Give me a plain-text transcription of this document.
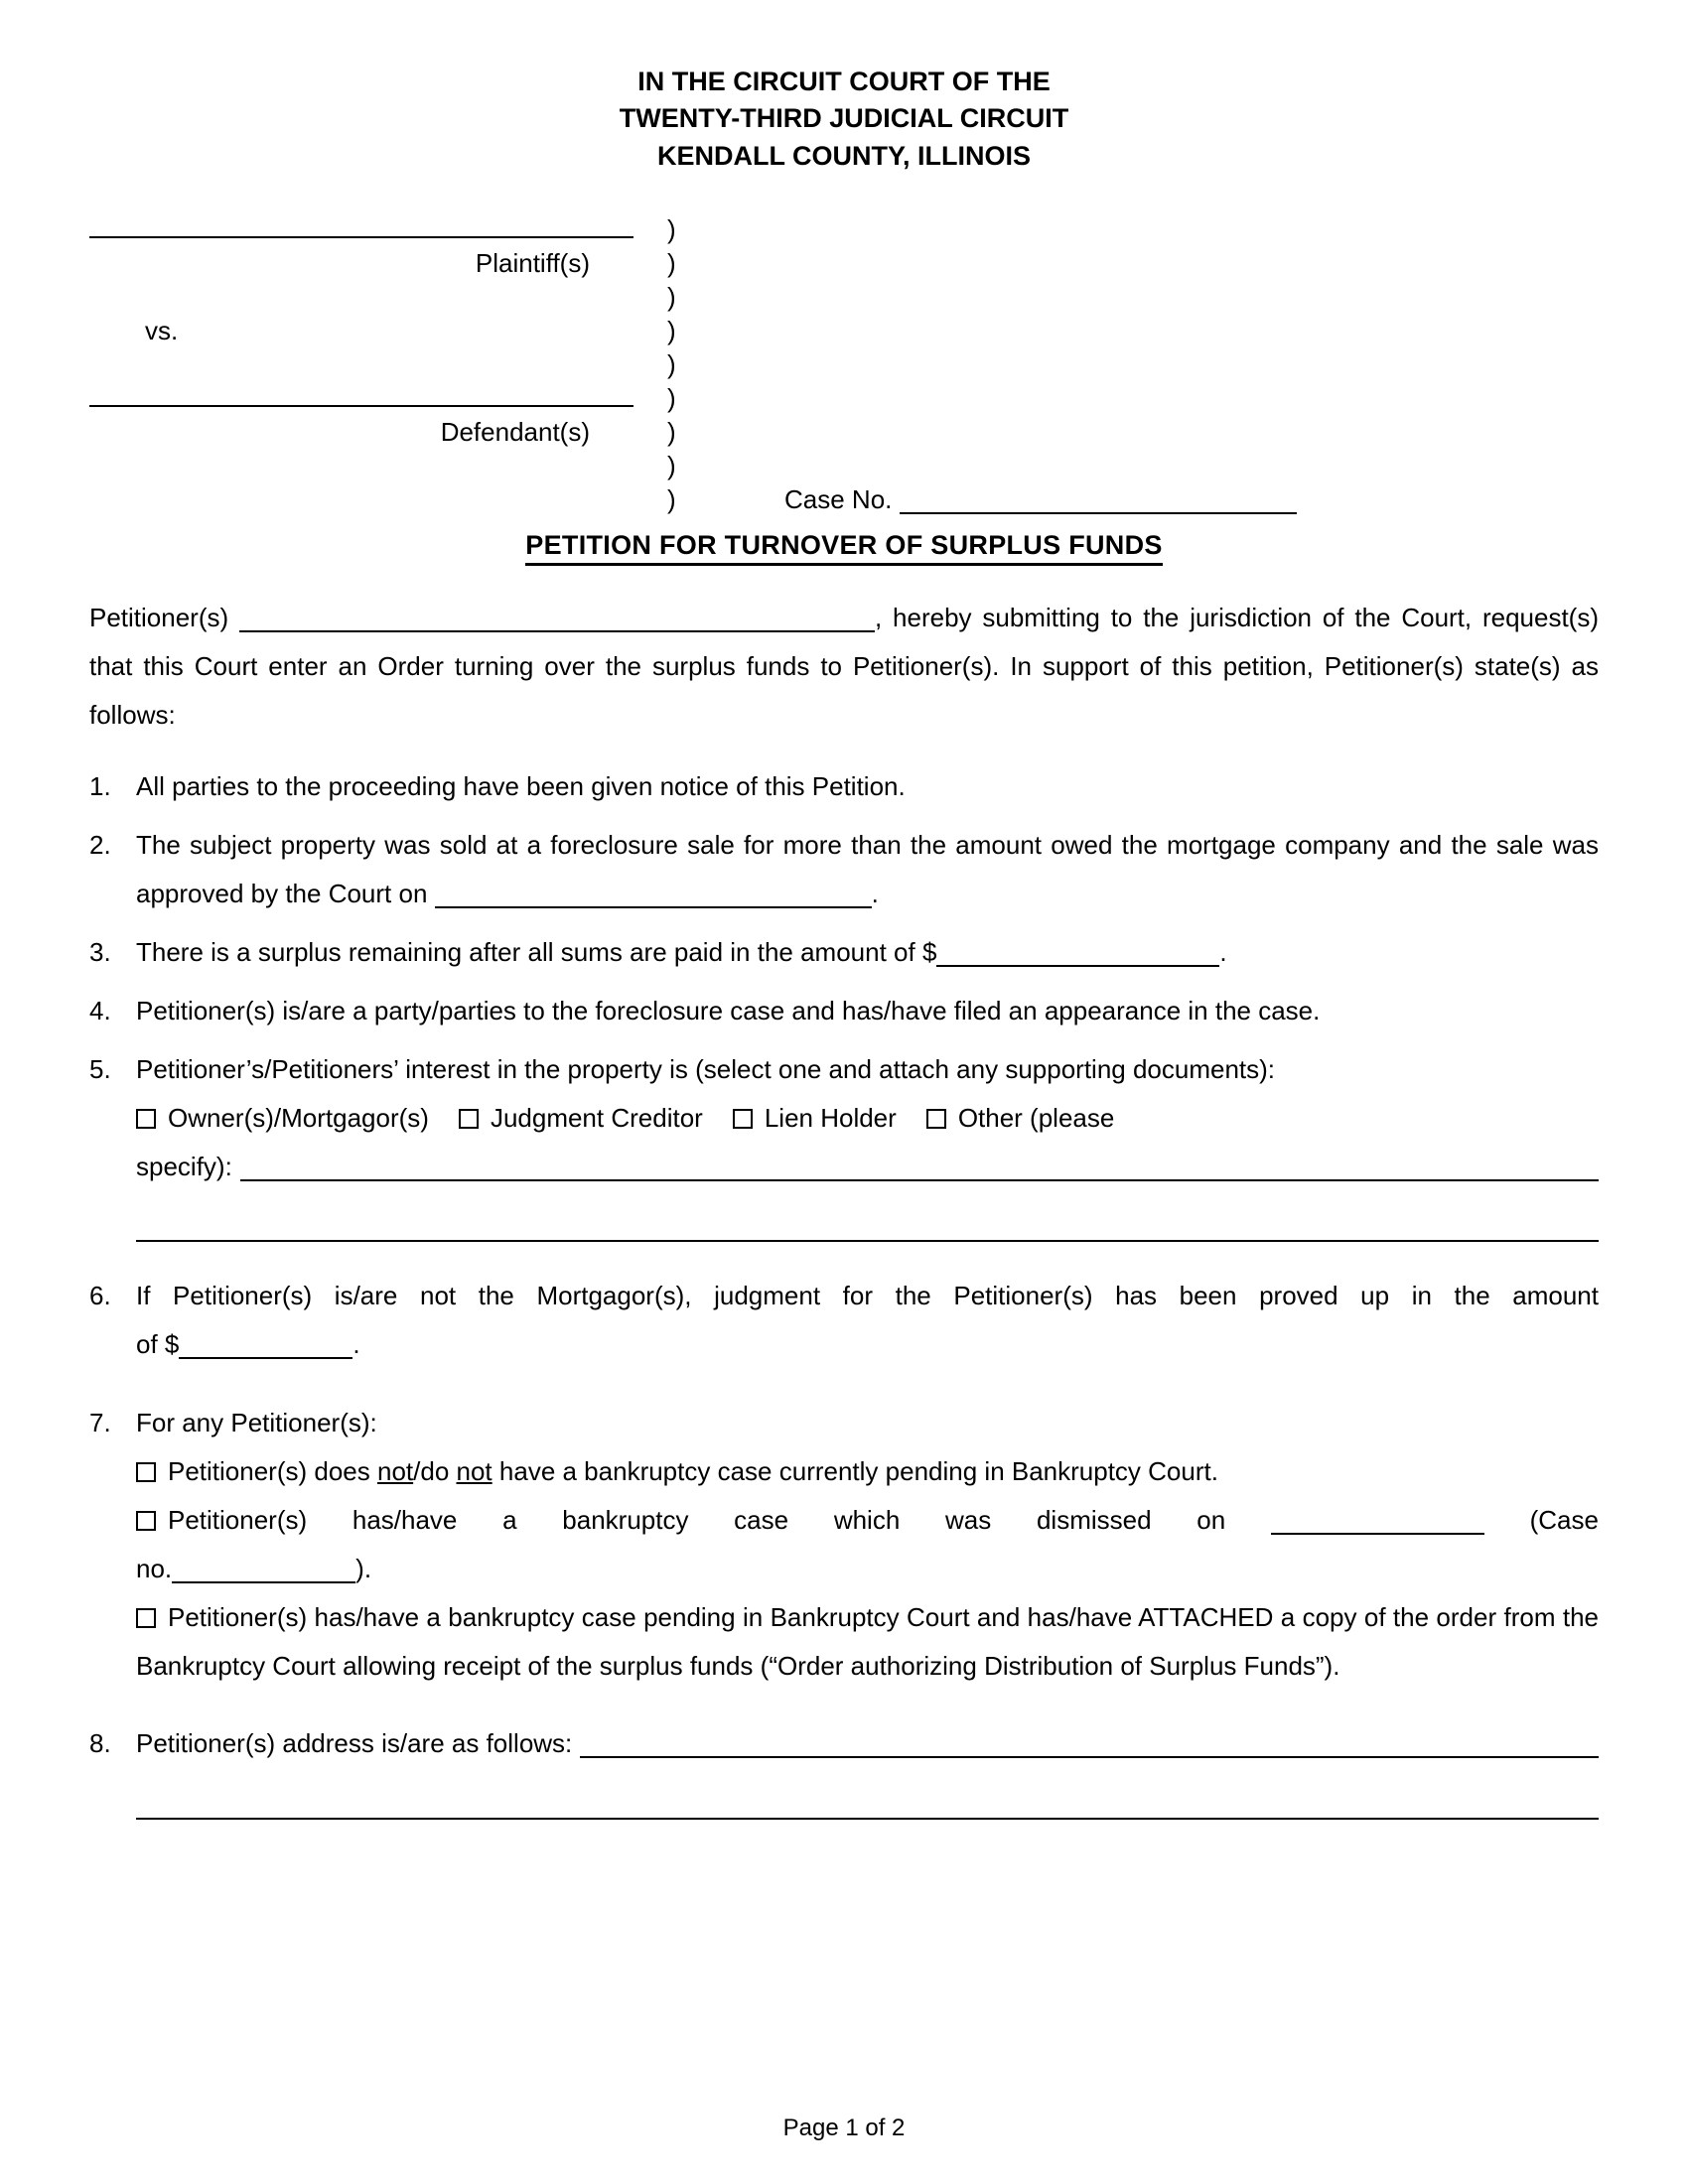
IN THE CIRCUIT COURT OF THE
TWENTY-THIRD JUDICIAL CIRCUIT
KENDALL COUNTY, ILLINOIS
)
Plaintiff(s)	)
)
vs.	)
)
)
Defendant(s)	)
)
)	Case No.
PETITION FOR TURNOVER OF SURPLUS FUNDS

Petitioner(s)	, hereby submitting to the jurisdiction of the Court, request(s) that this Court enter an Order turning over the surplus funds to Petitioner(s). In support of this petition, Petitioner(s) state(s) as follows:

1. All parties to the proceeding have been given notice of this Petition.

2. The subject property was sold at a foreclosure sale for more than the amount owed the mortgage company and the sale was approved by the Court on	.

3. There is a surplus remaining after all sums are paid in the amount of $	.

4. Petitioner(s) is/are a party/parties to the foreclosure case and has/have filed an appearance in the case.

5. Petitioner’s/Petitioners’ interest in the property is (select one and attach any supporting documents):

Owner(s)/Mortgagor(s) Judgment Creditor Lien Holder Other (please

specify):
6. If Petitioner(s) is/are not the Mortgagor(s), judgment for the Petitioner(s) has been proved up in the amount

of $	.

7. For any Petitioner(s):

Petitioner(s) does not/do not have a bankruptcy case currently pending in Bankruptcy Court.

Petitioner(s) has/have a bankruptcy case which was dismissed on	(Case

no.	).

Petitioner(s) has/have a bankruptcy case pending in Bankruptcy Court and has/have ATTACHED a copy of the order from the Bankruptcy Court allowing receipt of the surplus funds (“Order authorizing Distribution of Surplus Funds”).

8. Petitioner(s) address is/are as follows:
Page 1 of 2
